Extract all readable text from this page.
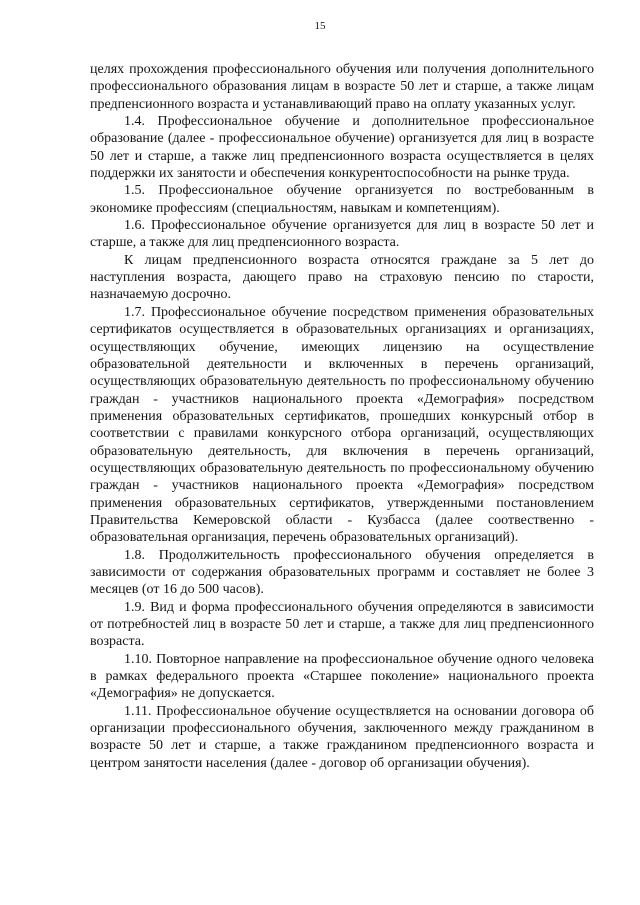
15

целях прохождения профессионального обучения или получения дополнительного профессионального образования лицам в возрасте 50 лет и старше, а также лицам предпенсионного возраста и устанавливающий право на оплату указанных услуг.

1.4. Профессиональное обучение и дополнительное профессиональное образование (далее - профессиональное обучение) организуется для лиц в возрасте 50 лет и старше, а также лиц предпенсионного возраста осуществляется в целях поддержки их занятости и обеспечения конкурентоспособности на рынке труда.

1.5. Профессиональное обучение организуется по востребованным в экономике профессиям (специальностям, навыкам и компетенциям).

1.6. Профессиональное обучение организуется для лиц в возрасте 50 лет и старше, а также для лиц предпенсионного возраста.

К лицам предпенсионного возраста относятся граждане за 5 лет до наступления возраста, дающего право на страховую пенсию по старости, назначаемую досрочно.

1.7. Профессиональное обучение посредством применения образовательных сертификатов осуществляется в образовательных организациях и организациях, осуществляющих обучение, имеющих лицензию на осуществление образовательной деятельности и включенных в перечень организаций, осуществляющих образовательную деятельность по профессиональному обучению граждан - участников национального проекта «Демография» посредством применения образовательных сертификатов, прошедших конкурсный отбор в соответствии с правилами конкурсного отбора организаций, осуществляющих образовательную деятельность, для включения в перечень организаций, осуществляющих образовательную деятельность по профессиональному обучению граждан - участников национального проекта «Демография» посредством применения образовательных сертификатов, утвержденными постановлением Правительства Кемеровской области - Кузбасса (далее соотвественно - образовательная организация, перечень образовательных организаций).

1.8. Продолжительность профессионального обучения определяется в зависимости от содержания образовательных программ и составляет не более 3 месяцев (от 16 до 500 часов).

1.9. Вид и форма профессионального обучения определяются в зависимости от потребностей лиц в возрасте 50 лет и старше, а также для лиц предпенсионного возраста.

1.10. Повторное направление на профессиональное обучение одного человека в рамках федерального проекта «Старшее поколение» национального проекта «Демография» не допускается.

1.11. Профессиональное обучение осуществляется на основании договора об организации профессионального обучения, заключенного между гражданином в возрасте 50 лет и старше, а также гражданином предпенсионного возраста и центром занятости населения (далее - договор об организации обучения).
